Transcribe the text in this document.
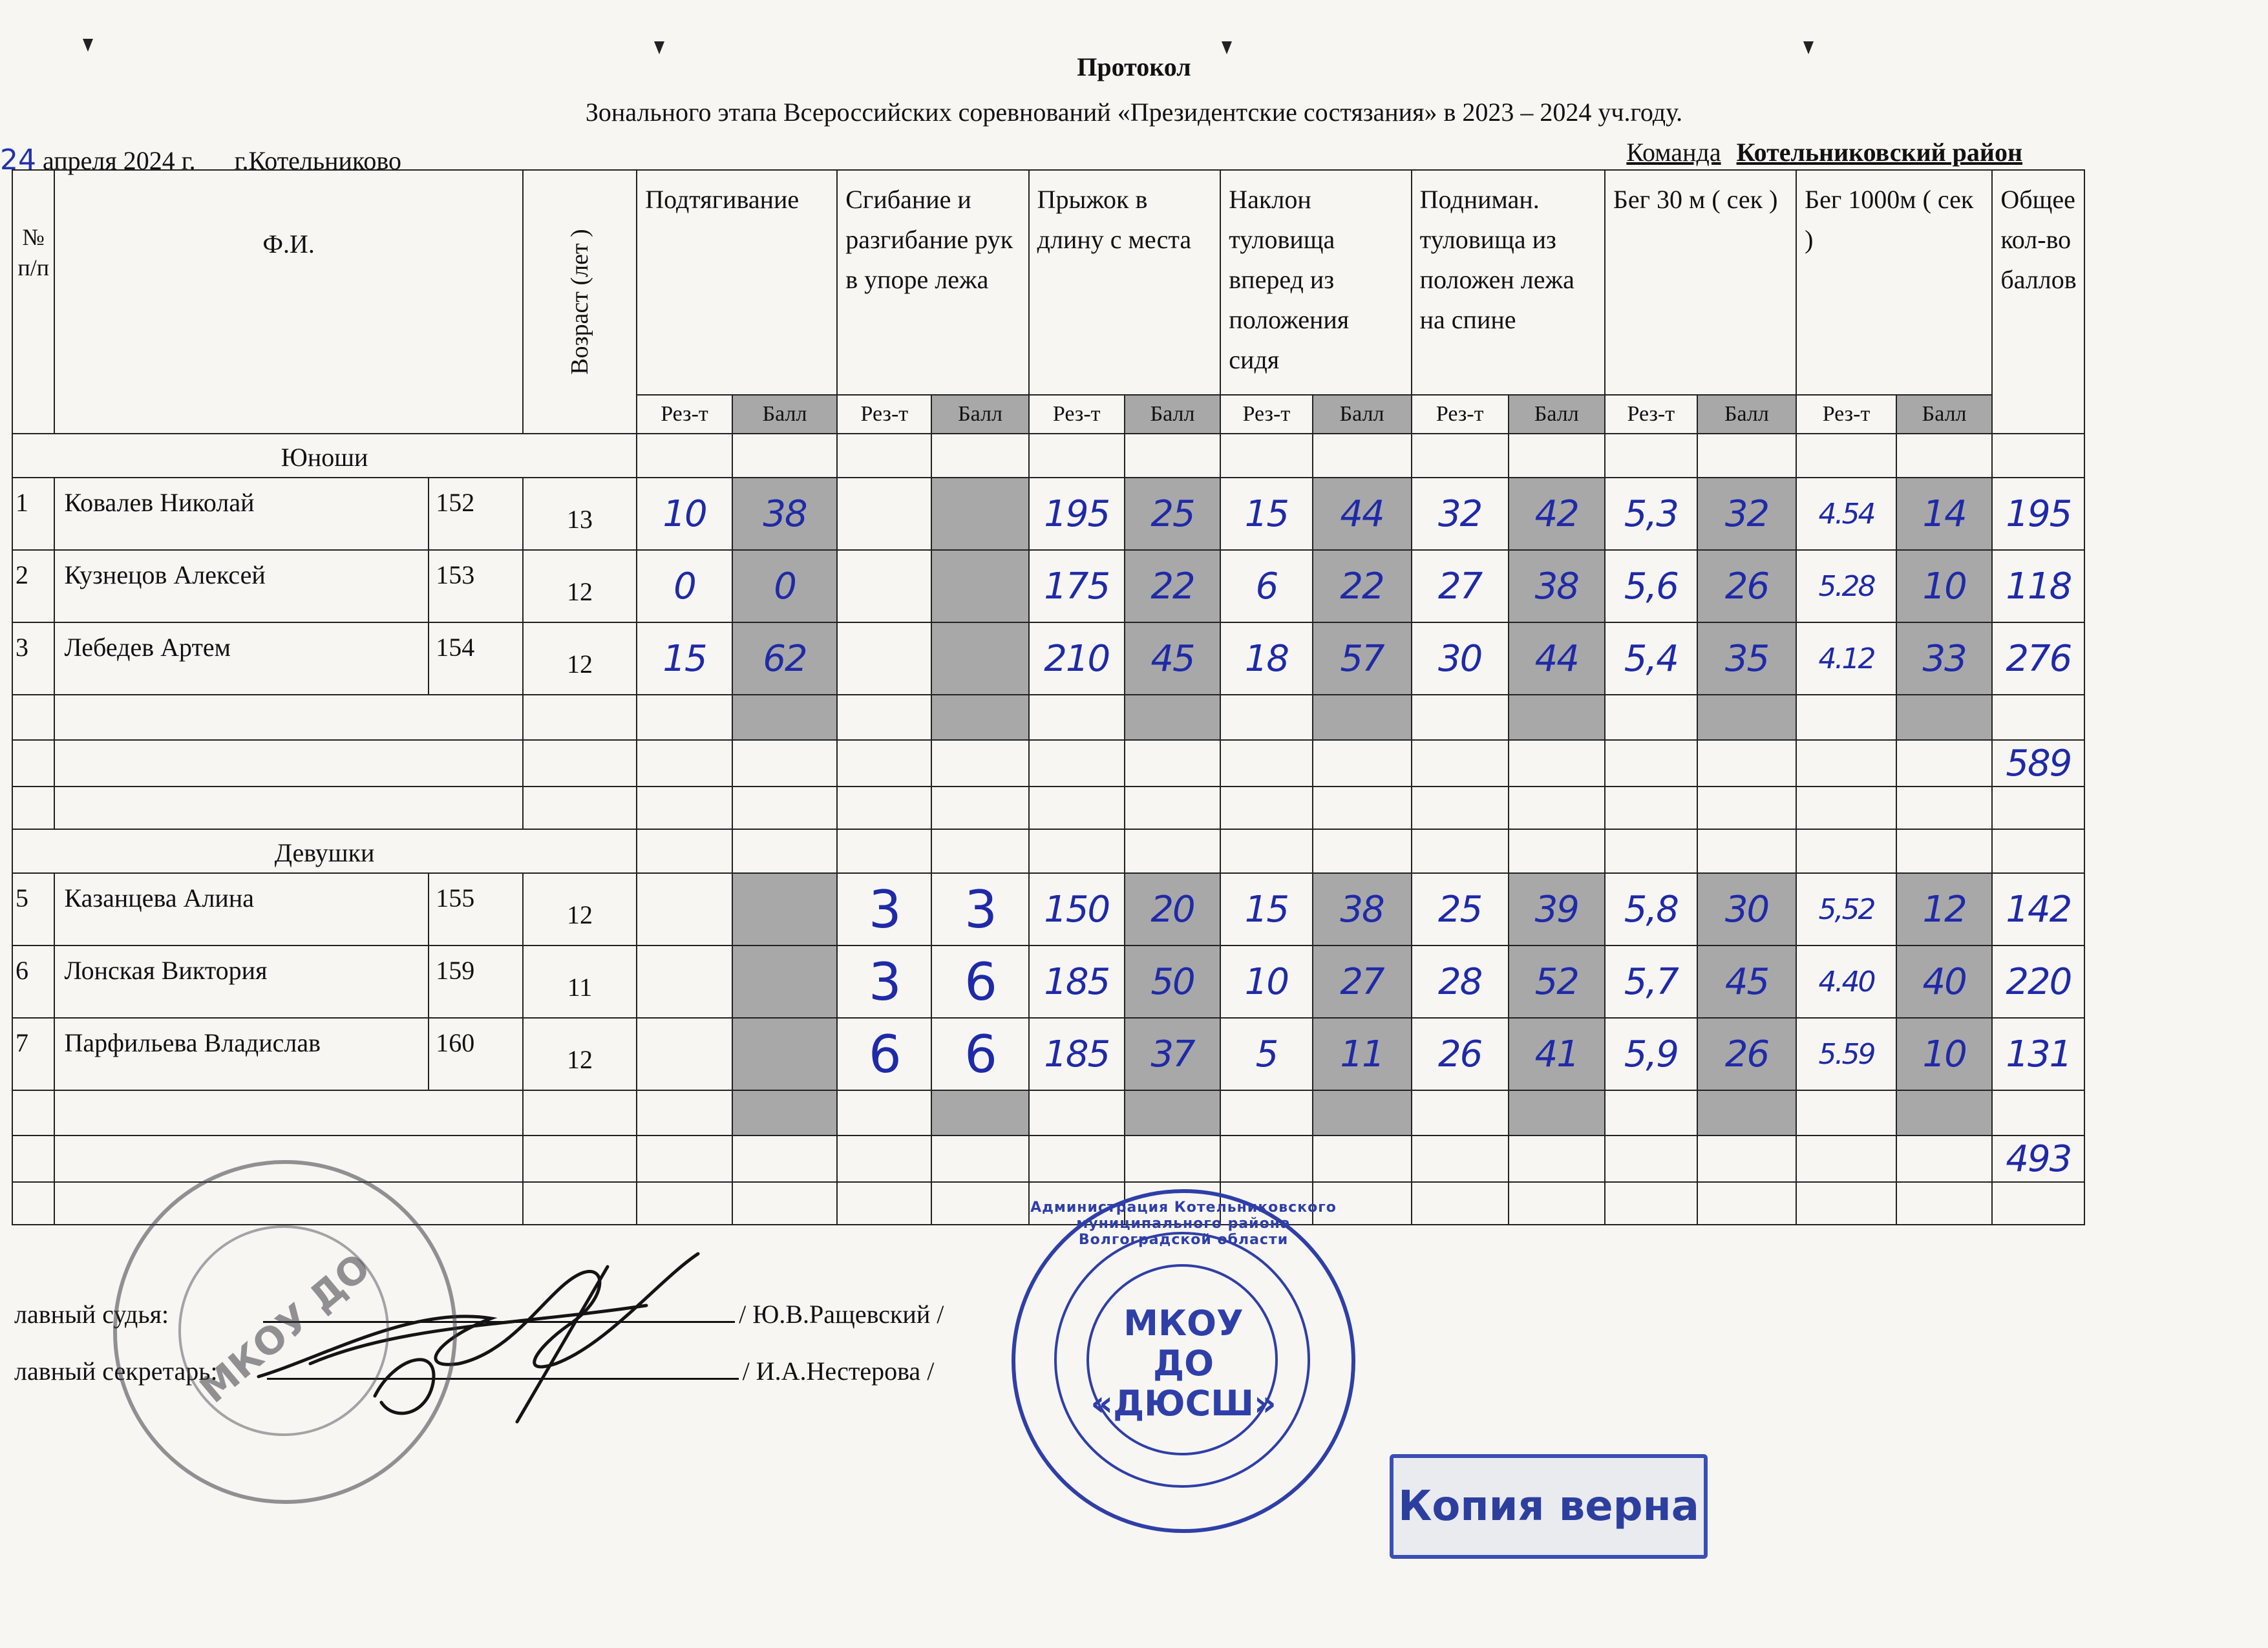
Протокол
Зонального этапа Всероссийских соревнований «Президентские состязания» в 2023 – 2024 уч.году.
24 апреля 2024 г. г.Котельниково	Команда Котельниковский район
№ п/п	Ф.И.		Возраст (лет )	Подтягивание		Сгибание и разгибание рук в упоре лежа		Прыжок в длину с места		Наклон туловища вперед из положения сидя		Подниман. туловища из положен лежа на спине		Бег 30 м ( сек )		Бег 1000м ( сек )		Общее кол-во баллов
				Рез-т	Балл	Рез-т	Балл	Рез-т	Балл	Рез-т	Балл	Рез-т	Балл	Рез-т	Балл	Рез-т	Балл	
Юноши																		
1	Ковалев Николай	152	13	10	38			195	25	15	44	32	42	5,3	32	4.54	14	195
2	Кузнецов Алексей	153	12	0	0			175	22	6	22	27	38	5,6	26	5.28	10	118
3	Лебедев Артем	154	12	15	62			210	45	18	57	30	44	5,4	35	4.12	33	276

																		589

Девушки																		
5	Казанцева Алина	155	12			3	3	150	20	15	38	25	39	5,8	30	5,52	12	142
6	Лонская Виктория	159	11			3	6	185	50	10	27	28	52	5,7	45	4.40	40	220
7	Парфильева Владислав	160	12			6	6	185	37	5	11	26	41	5,9	26	5.59	10	131

																		493

лавный судья:	/ Ю.В.Ращевский /
лавный секретарь:	/ И.А.Нестерова /
МКОУ ДО	МКОУ
ДО
«ДЮСШ»
Администрация Котельниковского муниципального района Волгоградской области
Копия верна
